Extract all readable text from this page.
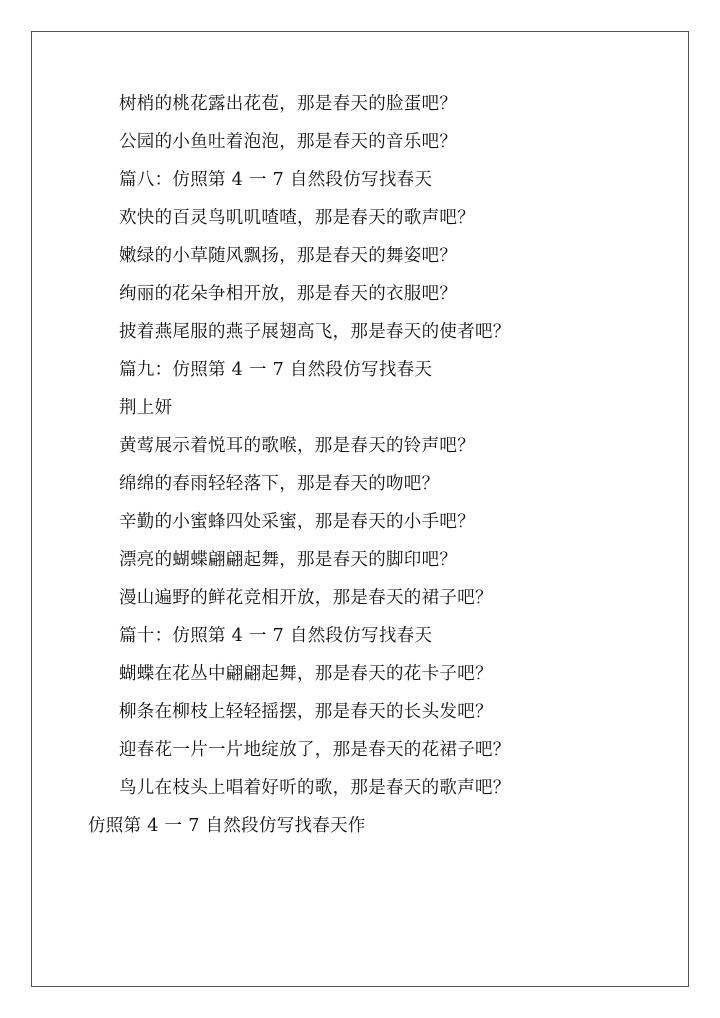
树梢的桃花露出花苞，那是春天的脸蛋吧？
公园的小鱼吐着泡泡，那是春天的音乐吧？
篇八：仿照第 4 一 7 自然段仿写找春天
欢快的百灵鸟叽叽喳喳，那是春天的歌声吧？
嫩绿的小草随风飘扬，那是春天的舞姿吧？
绚丽的花朵争相开放，那是春天的衣服吧？
披着燕尾服的燕子展翅高飞，那是春天的使者吧？
篇九：仿照第 4 一 7 自然段仿写找春天
荆上妍
黄莺展示着悦耳的歌喉，那是春天的铃声吧？
绵绵的春雨轻轻落下，那是春天的吻吧？
辛勤的小蜜蜂四处采蜜，那是春天的小手吧？
漂亮的蝴蝶翩翩起舞，那是春天的脚印吧？
漫山遍野的鲜花竞相开放，那是春天的裙子吧？
篇十：仿照第 4 一 7 自然段仿写找春天
蝴蝶在花丛中翩翩起舞，那是春天的花卡子吧？
柳条在柳枝上轻轻摇摆，那是春天的长头发吧？
迎春花一片一片地绽放了，那是春天的花裙子吧？
鸟儿在枝头上唱着好听的歌，那是春天的歌声吧？
仿照第 4 一 7 自然段仿写找春天作
